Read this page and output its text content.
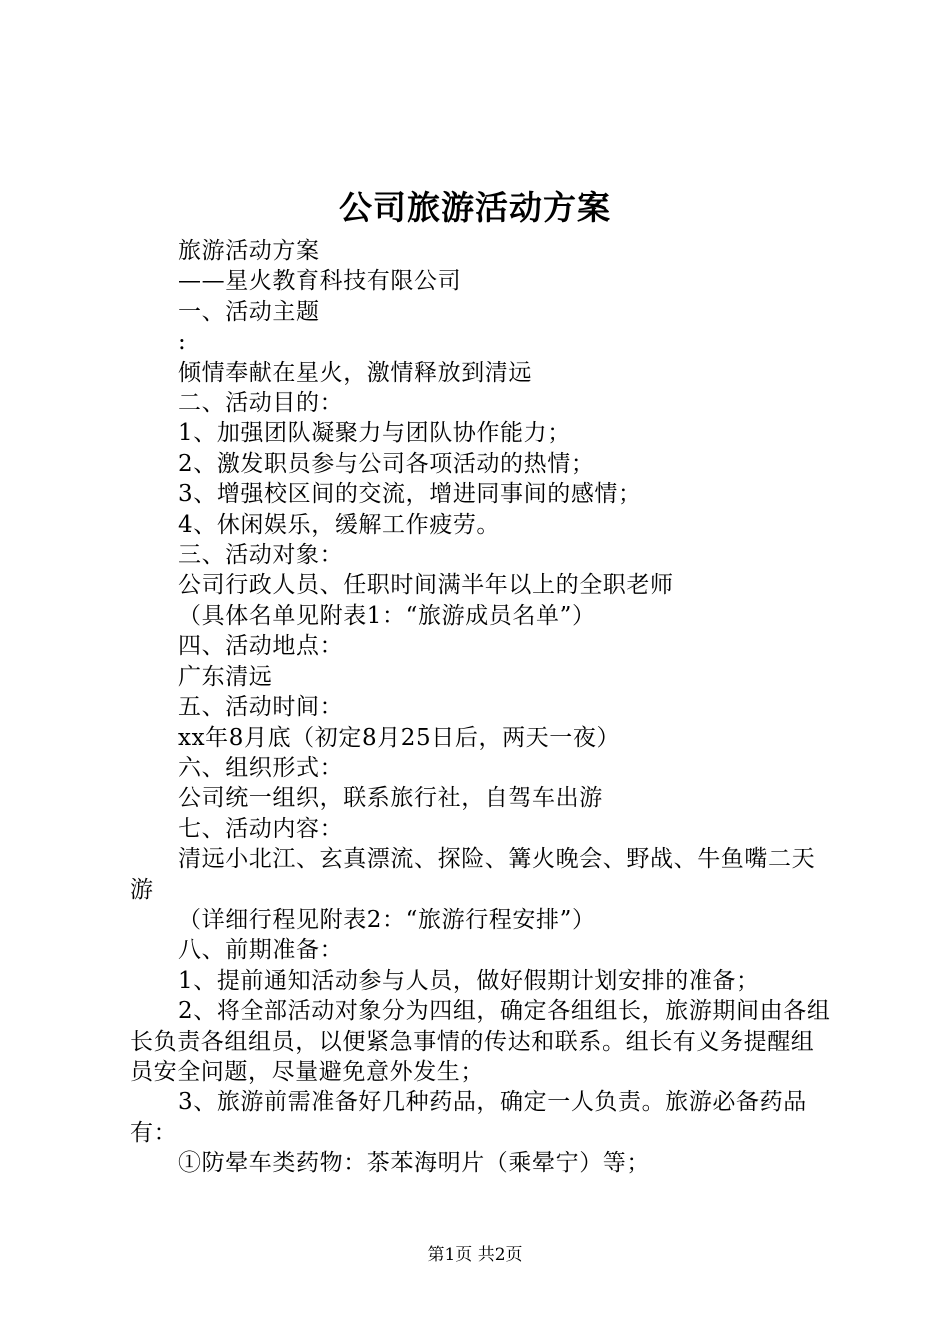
公司旅游活动方案

旅游活动方案

——星火教育科技有限公司

一、活动主题

:

倾情奉献在星火，激情释放到清远

二、活动目的：

1、加强团队凝聚力与团队协作能力；

2、激发职员参与公司各项活动的热情；

3、增强校区间的交流，增进同事间的感情；

4、休闲娱乐，缓解工作疲劳。

三、活动对象：

公司行政人员、任职时间满半年以上的全职老师

（具体名单见附表1：“旅游成员名单”）

四、活动地点：

广东清远

五、活动时间：

xx年8月底（初定8月25日后，两天一夜）

六、组织形式：

公司统一组织，联系旅行社，自驾车出游

七、活动内容：

清远小北江、玄真漂流、探险、篝火晚会、野战、牛鱼嘴二天游

（详细行程见附表2：“旅游行程安排”）

八、前期准备：

1、提前通知活动参与人员，做好假期计划安排的准备；

2、将全部活动对象分为四组，确定各组组长，旅游期间由各组长负责各组组员，以便紧急事情的传达和联系。组长有义务提醒组员安全问题，尽量避免意外发生；

3、旅游前需准备好几种药品，确定一人负责。旅游必备药品有：

①防晕车类药物：茶苯海明片（乘晕宁）等；

第1页 共2页
